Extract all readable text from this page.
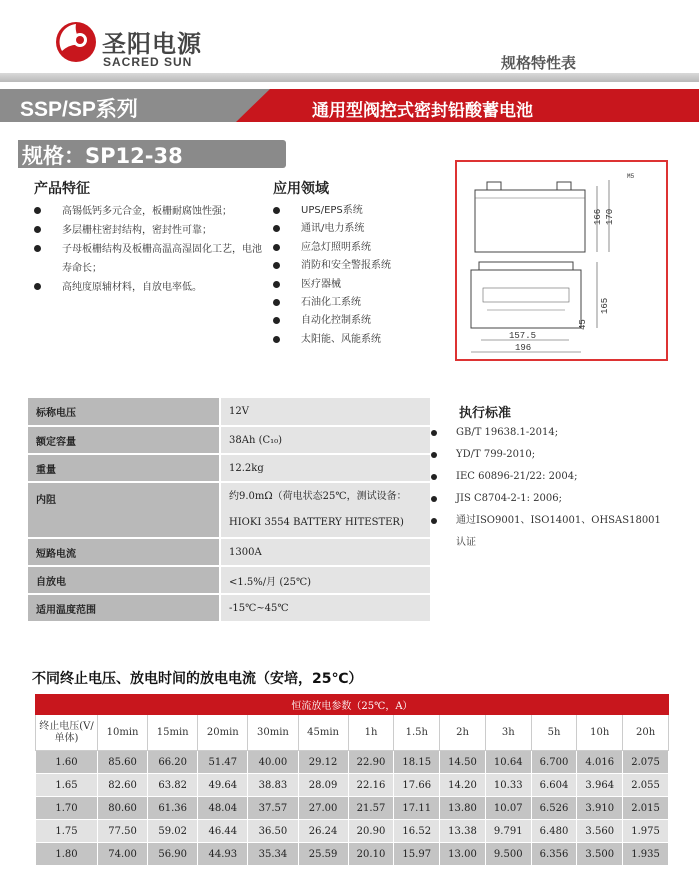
圣阳电源
SACRED SUN	规格特性表
SSP/SP系列	通用型阀控式密封铅酸蓄电池
规格：SP12-38
产品特征
高锡低钙多元合金，板栅耐腐蚀性强；
多层栅柱密封结构，密封性可靠；
子母板栅结构及板栅高温高湿固化工艺，电池寿命长；
高纯度原辅材料，自放电率低。
应用领域
UPS/EPS系统
通讯/电力系统
应急灯照明系统
消防和安全警报系统
医疗器械
石油化工系统
自动化控制系统
太阳能、风能系统
M5
166 170
45
165
157.5
196
标称电压	12V
额定容量	38Ah (C₁₀)
重量	12.2kg
内阻	约9.0mΩ（荷电状态25℃，测试设备：
HIOKI 3554 BATTERY HITESTER)

短路电流	1300A
自放电	<1.5%/月 (25℃)
适用温度范围	-15℃~45℃
执行标准
GB/T 19638.1-2014;
YD/T 799-2010;
IEC 60896-21/22: 2004;
JIS C8704-2-1: 2006;
通过ISO9001、ISO14001、OHSAS18001认证
不同终止电压、放电时间的放电电流（安培，25℃）
恒流放电参数（25℃，A）												
终止电压(V/单体)	10min	15min	20min	30min	45min	1h	1.5h	2h	3h	5h	10h	20h
1.60	85.60	66.20	51.47	40.00	29.12	22.90	18.15	14.50	10.64	6.700	4.016	2.075
1.65	82.60	63.82	49.64	38.83	28.09	22.16	17.66	14.20	10.33	6.604	3.964	2.055
1.70	80.60	61.36	48.04	37.57	27.00	21.57	17.11	13.80	10.07	6.526	3.910	2.015
1.75	77.50	59.02	46.44	36.50	26.24	20.90	16.52	13.38	9.791	6.480	3.560	1.975
1.80	74.00	56.90	44.93	35.34	25.59	20.10	15.97	13.00	9.500	6.356	3.500	1.935
